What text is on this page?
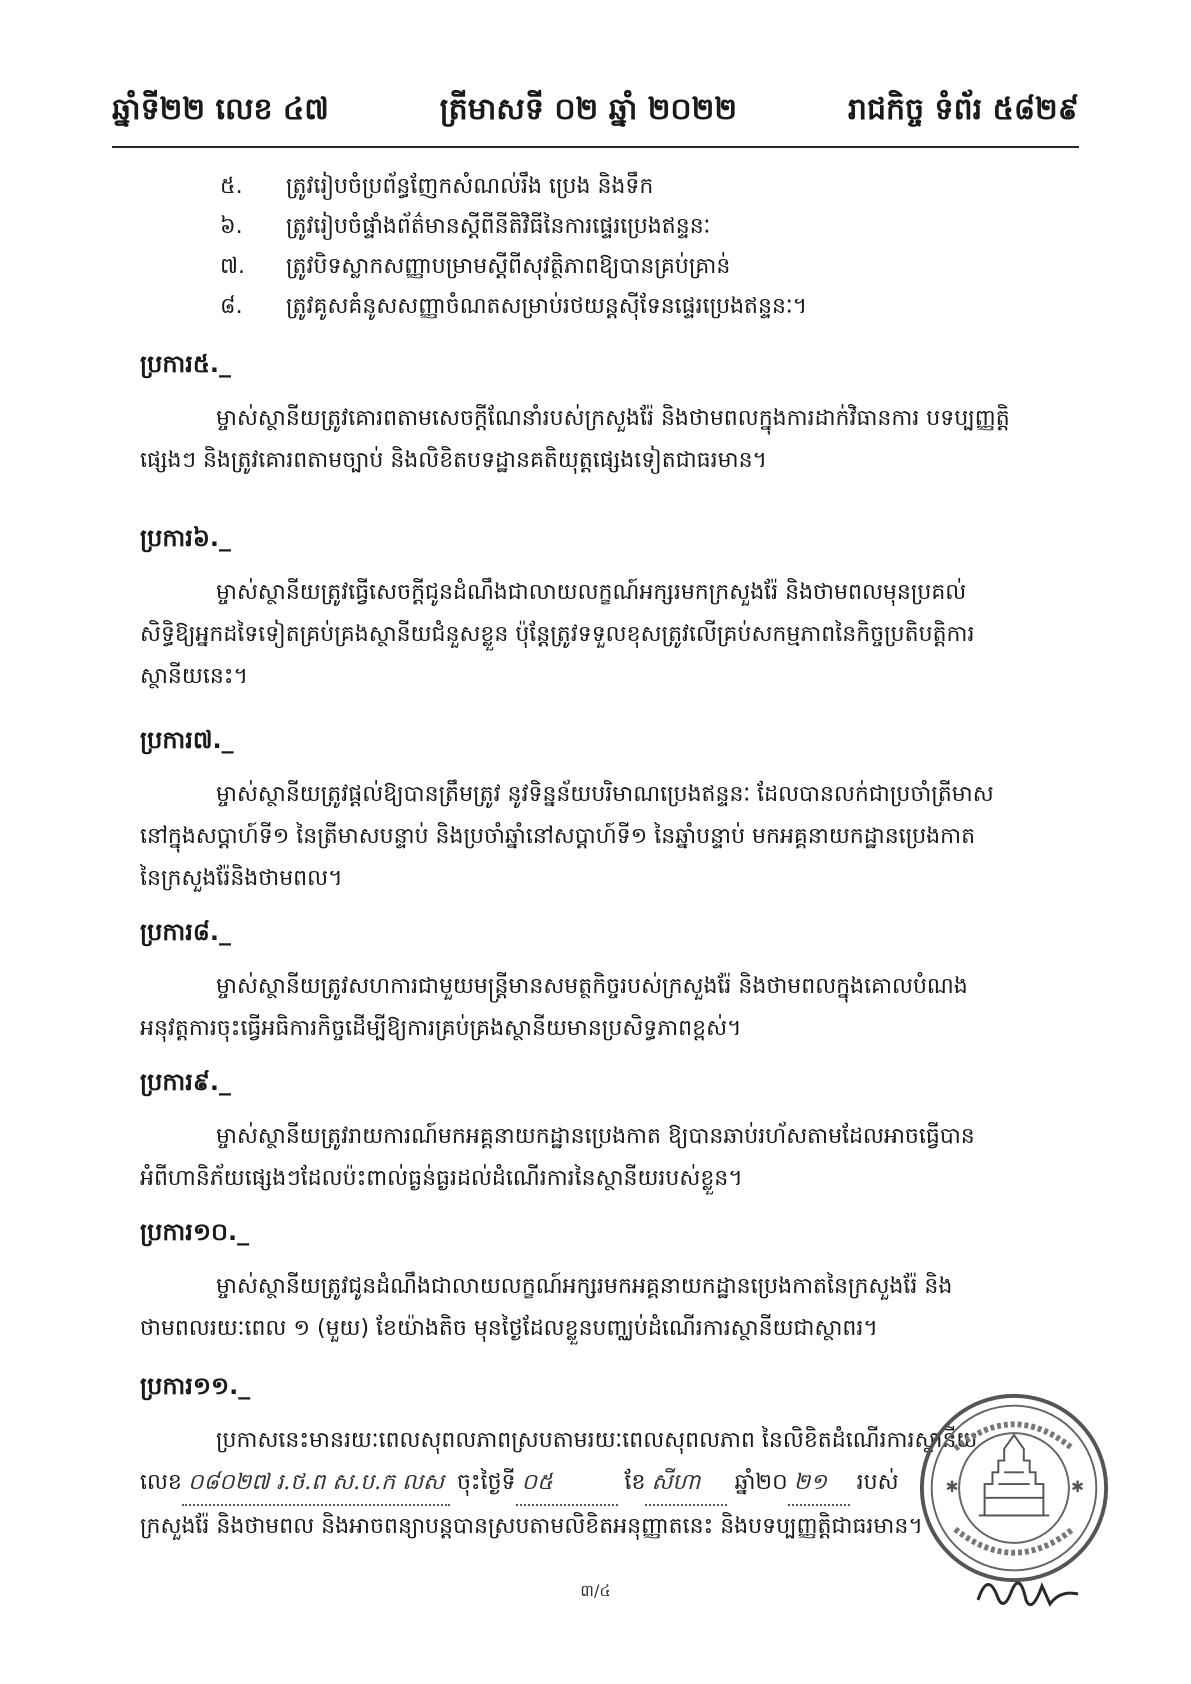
ឆ្នាំទី២២ លេខ ៤៧	ត្រីមាសទី ០២ ឆ្នាំ ២០២២	រាជកិច្ច ទំព័រ ៥៨២៩
៥.	ត្រូវរៀបចំប្រព័ន្ធញែកសំណល់រឹង ប្រេង និងទឹក
៦.	ត្រូវរៀបចំផ្ទាំងព័ត៌មានស្តីពីនីតិវិធីនៃការផ្ទេរប្រេងឥន្ទនៈ
៧.	ត្រូវបិទស្លាកសញ្ញាបម្រាមស្តីពីសុវត្ថិភាពឱ្យបានគ្រប់គ្រាន់
៨.	ត្រូវគូសគំនូសសញ្ញាចំណតសម្រាប់រថយន្តស៊ីទែនផ្ទេរប្រេងឥន្ទនៈ។
ប្រការ៥._

ម្ចាស់ស្ថានីយត្រូវគោរពតាមសេចក្តីណែនាំរបស់ក្រសួងរ៉ែ និងថាមពលក្នុងការដាក់វិធានការ បទប្បញ្ញត្តិ

ផ្សេងៗ និងត្រូវគោរពតាមច្បាប់ និងលិខិតបទដ្ឋានគតិយុត្តផ្សេងទៀតជាធរមាន។

ប្រការ៦._

ម្ចាស់ស្ថានីយត្រូវធ្វើសេចក្តីជូនដំណឹងជាលាយលក្ខណ៍អក្សរមកក្រសួងរ៉ែ និងថាមពលមុនប្រគល់

សិទ្ធិឱ្យអ្នកដទៃទៀតគ្រប់គ្រងស្ថានីយជំនួសខ្លួន ប៉ុន្តែត្រូវទទួលខុសត្រូវលើគ្រប់សកម្មភាពនៃកិច្ចប្រតិបត្តិការ

ស្ថានីយនេះ។

ប្រការ៧._

ម្ចាស់ស្ថានីយត្រូវផ្តល់ឱ្យបានត្រឹមត្រូវ នូវទិន្នន័យបរិមាណប្រេងឥន្ទនៈ ដែលបានលក់ជាប្រចាំត្រីមាស

នៅក្នុងសប្តាហ៍ទី១ នៃត្រីមាសបន្ទាប់ និងប្រចាំឆ្នាំនៅសប្តាហ៍ទី១ នៃឆ្នាំបន្ទាប់ មកអគ្គនាយកដ្ឋានប្រេងកាត

នៃក្រសួងរ៉ែនិងថាមពល។

ប្រការ៨._

ម្ចាស់ស្ថានីយត្រូវសហការជាមួយមន្ត្រីមានសមត្ថកិច្ចរបស់ក្រសួងរ៉ែ និងថាមពលក្នុងគោលបំណង

អនុវត្តការចុះធ្វើអធិការកិច្ចដើម្បីឱ្យការគ្រប់គ្រងស្ថានីយមានប្រសិទ្ធភាពខ្ពស់។

ប្រការ៩._

ម្ចាស់ស្ថានីយត្រូវរាយការណ៍មកអគ្គនាយកដ្ឋានប្រេងកាត ឱ្យបានឆាប់រហ័សតាមដែលអាចធ្វើបាន

អំពីហានិភ័យផ្សេងៗដែលប៉ះពាល់ធ្ងន់ធ្ងរដល់ដំណើរការនៃស្ថានីយរបស់ខ្លួន។

ប្រការ១០._

ម្ចាស់ស្ថានីយត្រូវជូនដំណឹងជាលាយលក្ខណ៍អក្សរមកអគ្គនាយកដ្ឋានប្រេងកាតនៃក្រសួងរ៉ែ និង

ថាមពលរយៈពេល ១ (មួយ) ខែយ៉ាងតិច មុនថ្ងៃដែលខ្លួនបញ្ឈប់ដំណើរការស្ថានីយជាស្ថាពរ។

ប្រការ១១._

ប្រកាសនេះមានរយៈពេលសុពលភាពស្របតាមរយៈពេលសុពលភាព នៃលិខិតដំណើរការស្ថានីយ

លេខ ០៨០២៧ រ.ថ.ព ស.ប.ក លស ចុះថ្ងៃទី ០៥	ខែ សីហា ឆ្នាំ២០ ២១ របស់

ក្រសួងរ៉ែ និងថាមពល និងអាចពន្យាបន្តបានស្របតាមលិខិតអនុញ្ញាតនេះ និងបទប្បញ្ញត្តិជាធរមាន។

✱	✱
៣/៤
